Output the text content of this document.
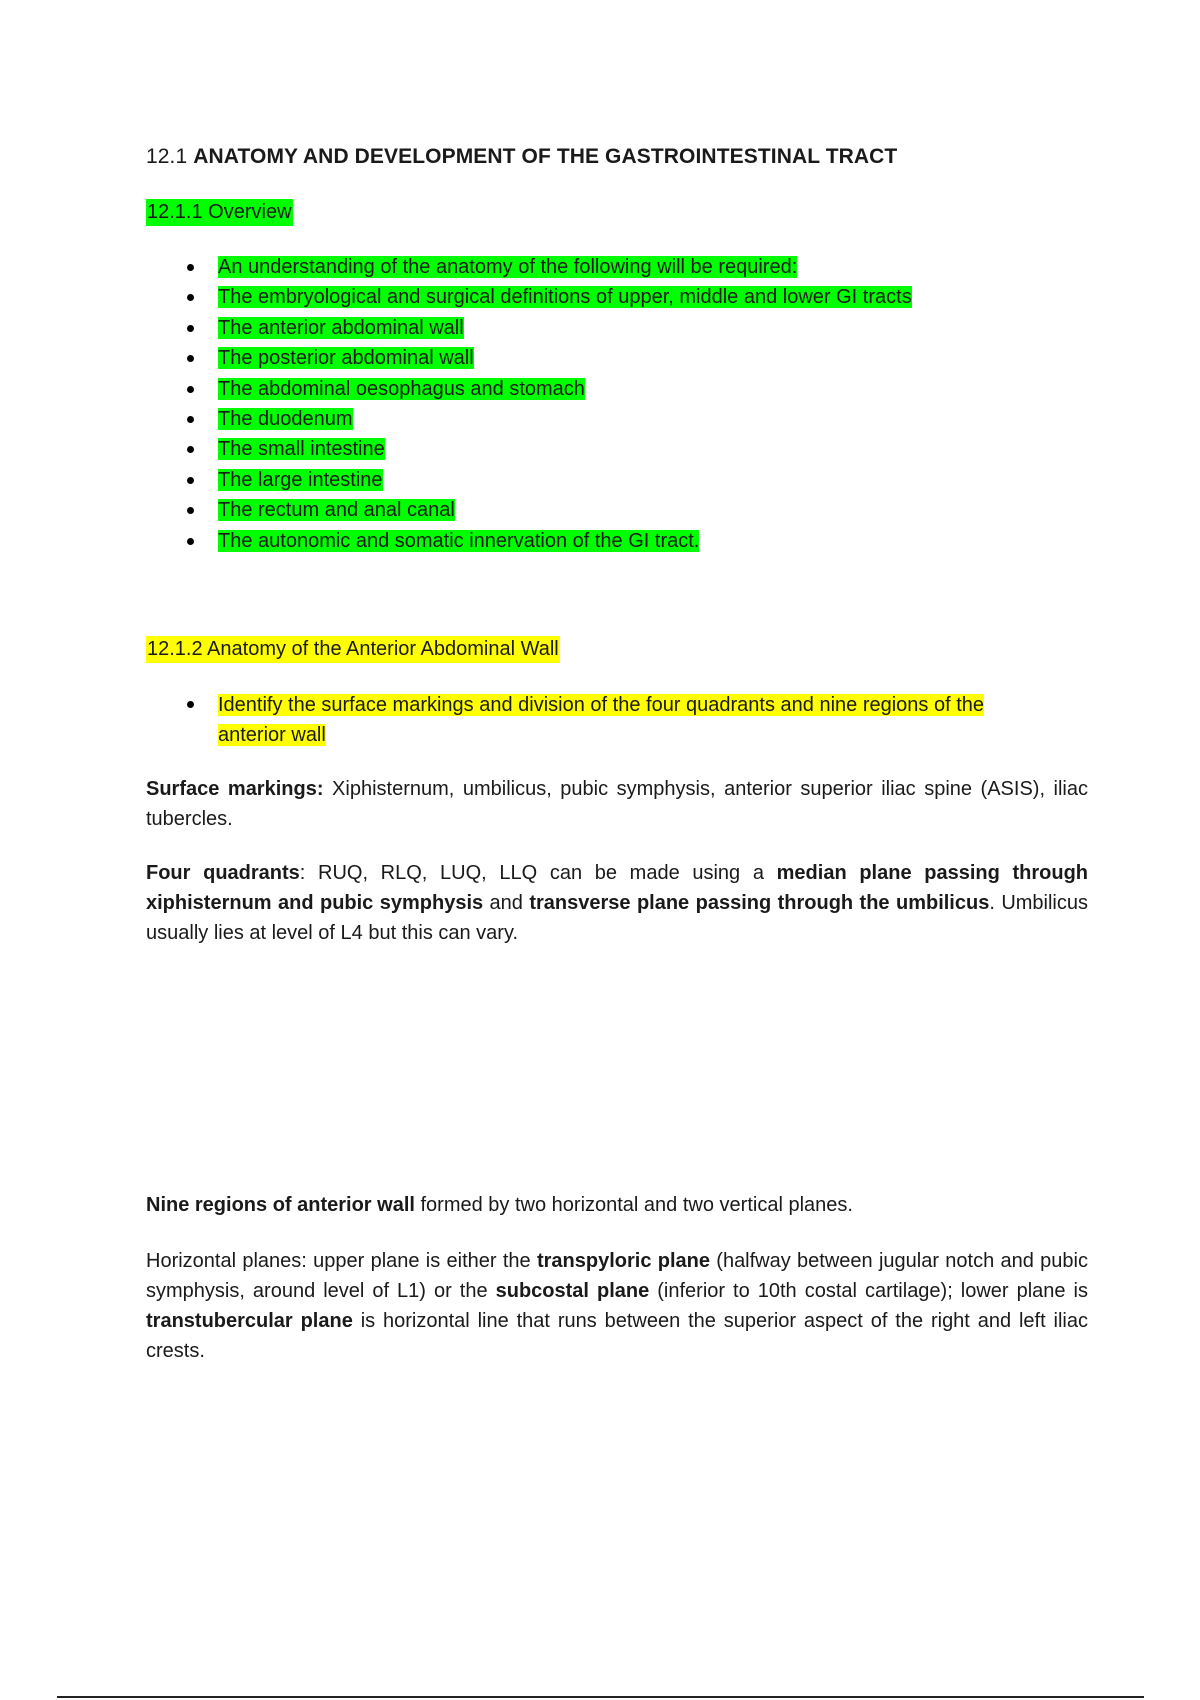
12.1 ANATOMY AND DEVELOPMENT OF THE GASTROINTESTINAL TRACT
12.1.1 Overview
An understanding of the anatomy of the following will be required:
The embryological and surgical definitions of upper, middle and lower GI tracts
The anterior abdominal wall
The posterior abdominal wall
The abdominal oesophagus and stomach
The duodenum
The small intestine
The large intestine
The rectum and anal canal
The autonomic and somatic innervation of the GI tract.
12.1.2 Anatomy of the Anterior Abdominal Wall
Identify the surface markings and division of the four quadrants and nine regions of the
anterior wall
Surface markings: Xiphisternum, umbilicus, pubic symphysis, anterior superior iliac spine (ASIS), iliac tubercles.
Four quadrants: RUQ, RLQ, LUQ, LLQ can be made using a median plane passing through xiphisternum and pubic symphysis and transverse plane passing through the umbilicus. Umbilicus usually lies at level of L4 but this can vary.
Nine regions of anterior wall formed by two horizontal and two vertical planes.
Horizontal planes: upper plane is either the transpyloric plane (halfway between jugular notch and pubic symphysis, around level of L1) or the subcostal plane (inferior to 10th costal cartilage); lower plane is transtubercular plane is horizontal line that runs between the superior aspect of the right and left iliac crests.
